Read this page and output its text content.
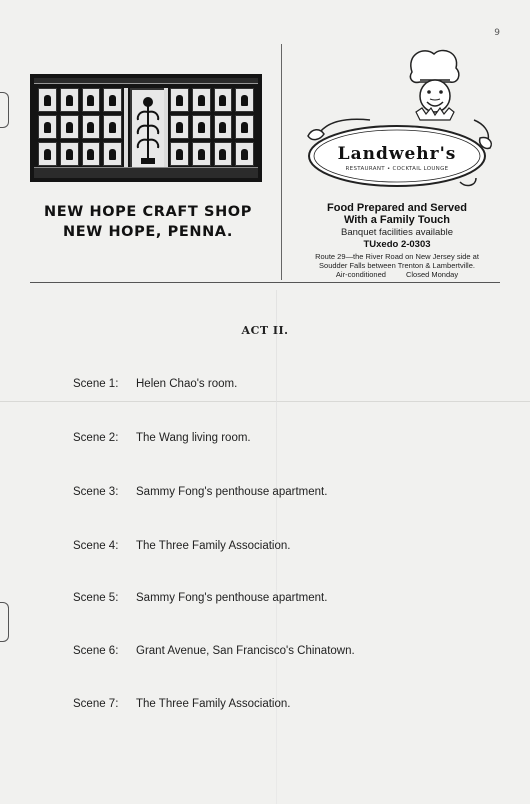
9
NEW HOPE CRAFT SHOP
NEW HOPE, PENNA.
Landwehr's
RESTAURANT • COCKTAIL LOUNGE
Food Prepared and Served
With a Family Touch
Banquet facilities available
TUxedo 2-0303
Route 29—the River Road on New Jersey side at
Soudder Falls between Trenton & Lambertville.
Air-conditioned	Closed Monday
ACT II.
Scene 1:	Helen Chao's room.
Scene 2:	The Wang living room.
Scene 3:	Sammy Fong's penthouse apartment.
Scene 4:	The Three Family Association.
Scene 5:	Sammy Fong's penthouse apartment.
Scene 6:	Grant Avenue, San Francisco's Chinatown.
Scene 7:	The Three Family Association.
